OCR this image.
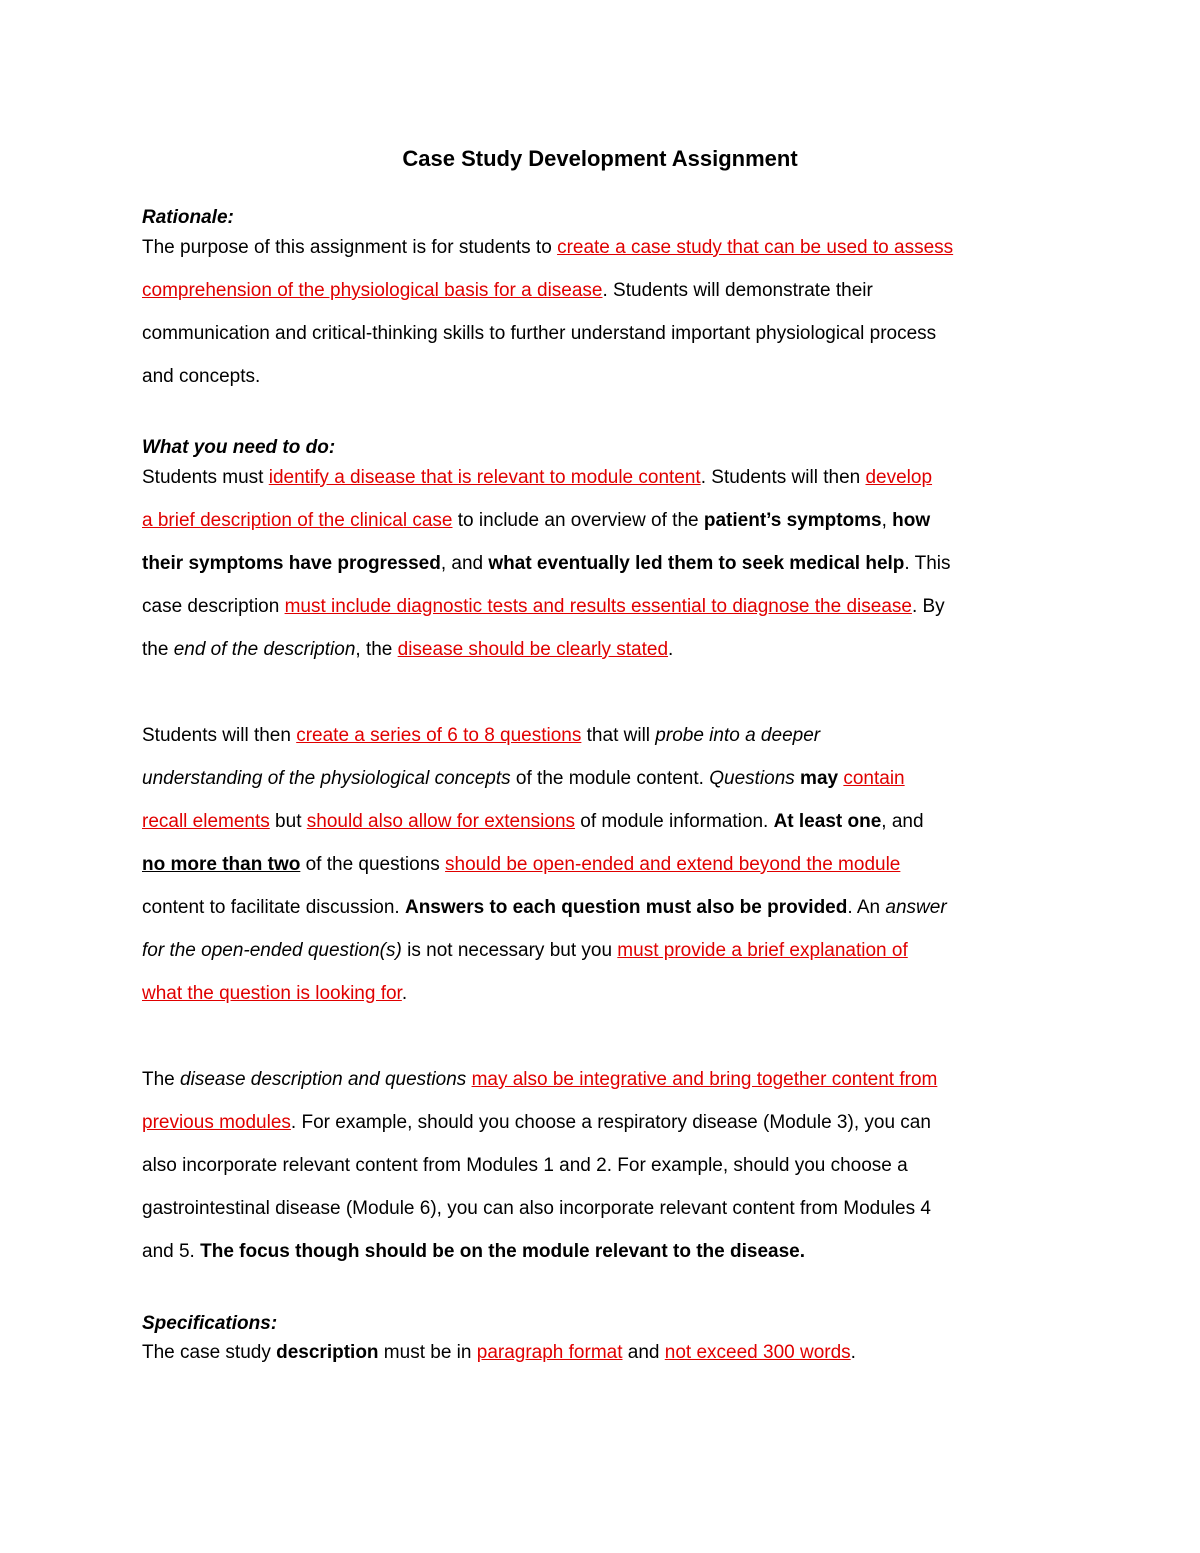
Case Study Development Assignment
Rationale:
The purpose of this assignment is for students to create a case study that can be used to assess
comprehension of the physiological basis for a disease. Students will demonstrate their
communication and critical-thinking skills to further understand important physiological process
and concepts.
What you need to do:
Students must identify a disease that is relevant to module content. Students will then develop
a brief description of the clinical case to include an overview of the patient’s symptoms, how
their symptoms have progressed, and what eventually led them to seek medical help. This
case description must include diagnostic tests and results essential to diagnose the disease. By
the end of the description, the disease should be clearly stated.
Students will then create a series of 6 to 8 questions that will probe into a deeper
understanding of the physiological concepts of the module content. Questions may contain
recall elements but should also allow for extensions of module information. At least one, and
no more than two of the questions should be open-ended and extend beyond the module
content to facilitate discussion. Answers to each question must also be provided. An answer
for the open-ended question(s) is not necessary but you must provide a brief explanation of
what the question is looking for.
The disease description and questions may also be integrative and bring together content from
previous modules. For example, should you choose a respiratory disease (Module 3), you can
also incorporate relevant content from Modules 1 and 2. For example, should you choose a
gastrointestinal disease (Module 6), you can also incorporate relevant content from Modules 4
and 5. The focus though should be on the module relevant to the disease.
Specifications:
The case study description must be in paragraph format and not exceed 300 words.
